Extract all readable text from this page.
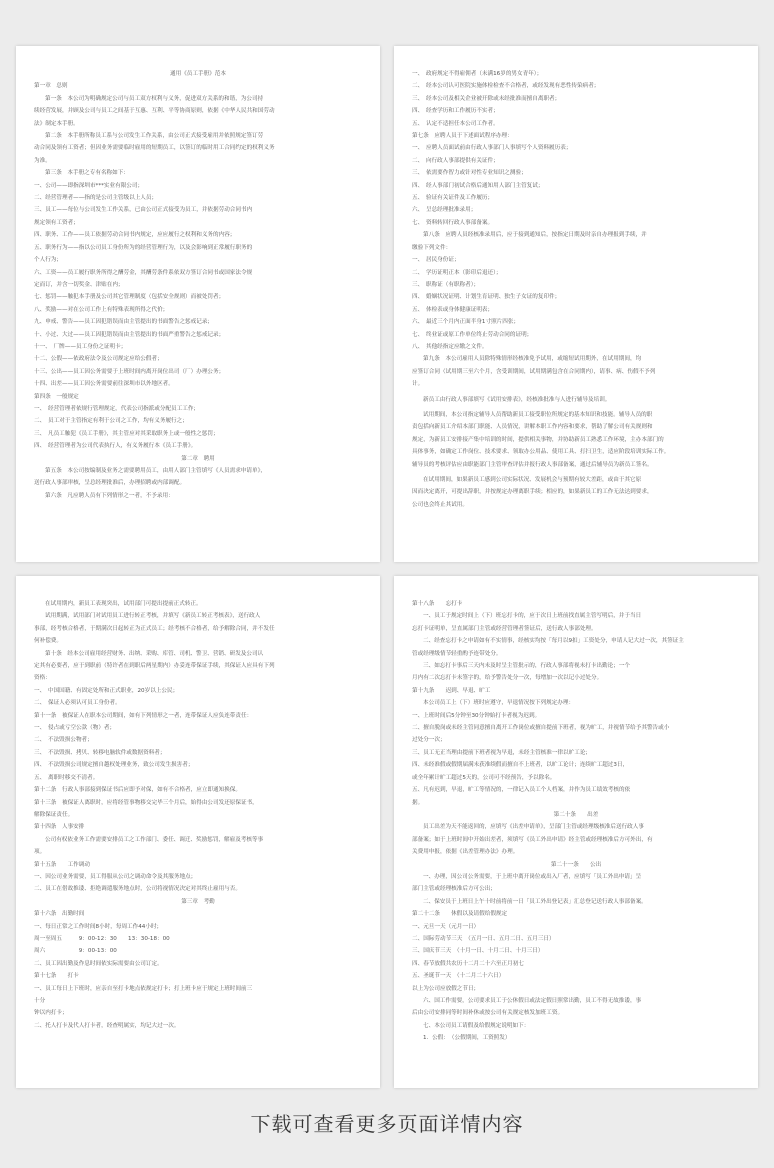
通用《员工手册》范本
第一章　总则
第一条　本公司为明确规定公司与员工双方权利与义务，促进双方关系的和谐，为公司持
续经营发展，并顾及公司与员工之间基于互惠、互利、平等协商原则，依据《中华人民共和国劳动
法》制定本手册。
第二条　本手册所称员工系与公司发生工作关系，由公司正式接受雇用并依照规定签订劳
动合同及领有工资者；但因业务需要临时雇用的短期员工，以签订的临时用工合同约定的权利义务
为准。
第三条　本手册之专有名称如下：
一、公司——即指深圳市***实业有限公司；
二、经营管理者——指的是公司主管级以上人员；
三、员工——每位与公司发生工作关系，已由公司正式接受为员工，并依据劳动合同书内
规定领有工资者；
四、职务、工作——员工依据劳动合同书内规定，应应履行之权利和义务的内容；
五、职务行为——指以公司员工身份所为的经营管理行为，以及会影响到正常履行职务的
个人行为；
六、工资——员工履行职务所得之酬劳金，其酬劳条件系依双方签订合同书或国家法令规
定而订，并含一切奖金、津贴在内；
七、惩罚——触犯本手册及公司其它管理制度（包括安全规则）而被处罚者；
八、奖励——对在公司工作上有特殊表现所得之代价；
九、申戒、警告——员工因犯错误而由主管提出的书面警告之惩戒记录；
十、小过、大过——员工因犯错误而由主管提出的书面严重警告之惩戒记录；
十一、　厂牌——员工身份之证明卡；
十二、公假——依政府法令及公司规定应给公假者；
十三、公出——员工因公务需要于上班时间内离开岗位出司（厂）办理公务；
十四、出差——员工因公务需要前往深圳市以外地区者。
第四条　一般规定
一、　经营管理者依规行管理规定，代表公司指派或分配员工工作；
二、　员工对于主管指定有利于公司之工作，均有义务履行之；
三、　凡员工触犯《员工手册》，其主管应对其采取职务上或一般性之惩罚；
四、　经营管理者为公司代表执行人，有义务履行本《员工手册》。
第二章　聘用
第五条　本公司按编制及业务之需要聘用员工，由用人部门主管填写《人员需求申请单》，
送行政人事部审核，呈总经理批准后，办理招聘或内部调配。
第六条　凡应聘人员有下列情形之一者，不予录用：
一、　政府规定不得雇佣者（未满16岁的男女青年）；
二、　经本公司认可医院实施体检检查不合格者，或经发现有恶性传染病者；
三、　经本公司及相关企业被开除或未经批准而擅自离职者；
四、　经查学历和工作履历不实者；
五、　认定不适担任本公司工作者。
第七条　应聘人员于下述面试程序办理：
一、　应聘人员面试前由行政人事部门人事填写个人资料履历表；
二、　向行政人事部提供有关证件；
三、　依需要作智力或针对性专业知识之测验；
四、　经人事部门初试合格后通知用人部门主管复试；
五、　验证有关证件及工作履历；
六、　呈总经理批准录用；
七、　资料转回行政人事部备案。
第八条　应聘人员经核准录用后，应于接到通知后，按指定日期及时亲自办理报到手续，并
缴验下列文件：
一、　居民身份证；
二、　学历证明正本（影印后退还）；
三、　职称证（有职称者）；
四、　婚姻状况证明、计划生育证明、独生子女证的复印件；
五、　体检表或身体健康证明表；
六、　最近三个月内正面半身1寸照片四张；
七、　终业证或原工作单位终止劳动合同的证明；
八、　其他经指定应缴之文件。
第九条　本公司雇用人员除特殊情形经核准免予试用，或缩短试用期外，在试用期间，均
应签订合同（试用期三至六个月，含受训期间，试用期满包含在合同期内），请事、病、伤假不予列
计。
新员工由行政人事部填写《试用安排表》，经核准批准与人进行辅导及培训。
试用期间，本公司指定辅导人员帮助新员工接受职位所规定的基本知识和技能。辅导人员的职
责包括向新员工介绍本部门职能、人员情况，讲解本职工作内容和要求，帮助了解公司有关规则和
规定，为新员工安排接产集中培训的时间，提供相关事物，并协助新员工熟悉工作环境，主办本部门的
具体事务，如确定工作岗位、技术要求、领取办公用品、使用工具、打扫卫生，适应阶段培训实际工作。
辅导员的考核评估应由职能部门主管审查评估并报行政人事部备案，通过后辅导员为新员工签名。
在试用期间，如果新员工感到公司实际状况、发展机会与预期有较大差距，或由于其它原
因而决定离开，可提出辞职，并按规定办理离职手续；相应的，如果新员工的工作无法达到要求，
公司也会终止其试用。
在试用期内，新员工表现突出，试用部门可提出提前正式转正。
试用期满，试用部门对试用员工进行转正考核，并填写《新员工转正考核表》，送行政人
事部，经考核合格者，于期满次日起转正为正式员工；经考核不合格者，给予解除合同，并不发任
何补偿费。
第十条　经本公司雇用经营财务、出纳、采购、库管、司机、警卫、营销、研发及公司认
定其有必要者，应于到职前（特许者在到职后两星期内）办妥连带保证手续，其保证人应具有下列
资格：
一、　中国国籍、有固定处所和正式职业，20岁以上公民；
二、　保证人必须认可员工身份者。
第十一条　被保证人在职本公司期间，如有下列情形之一者，连带保证人应负连带责任：
一、　侵占或亏空公款（物）者；
二、　不法毁损公物者；
三、　不法毁损、拷贝、转移电脑软件或数据资料者；
四、　不法毁损公司规定擅自越权处理业务，致公司发生损害者；
五、　离职时移交不清者。
第十二条　行政人事部接到保证书后应即予对保，如有不合格者，应立即通知换保。
第十三条　被保证人离职时，应将经管事物移交完毕三个月后，始得由公司发还原保证书，
解除保证责任。
第十四条　人事安排
公司有权依业务工作需要安排员工之工作部门、委任、调迁、奖励惩罚，解雇及考核等事
项。
第十五条　　工作调动
一、因公司业务需要，员工得服从公司之调动命令及其服务地点；
二、员工在借故推诿、拒绝调遣服务地点时，公司将视情况决定对其终止雇用与否。
第三章　考勤
第十六条　出勤时间
一、每日正常之工作时间8小时，每周工作44小时；
周一至周五　　　9：00-12：30　　13：30-18：00
周六　　　　　　9：00-13：00
二、员工因出勤及作息时间依实际需要由公司订定。
第十七条　　打卡
一、员工每日上下班时，应亲自至打卡地点依规定打卡；打上班卡应于规定上班时间前三
十分
钟以内打卡；
二、托人打卡及代人打卡者，经查明属实，均记大过一次。
第十八条　　忘打卡
一、员工于规定时间上（下）班忘打卡的，应于次日上班前找直属主管写明后，并于当日
忘打卡证明单，呈直属部门主管或经营管理者签证后，送行政人事部处理。
二、经查忘打卡之申请如有不实情事，经核实均按「每月以9扣」工资处分，申请人记大过一次，其签证主
管或经理级情节轻重酌予连带处分。
三、如忘打卡事后三天内未及时呈主管批示的，行政人事部将视未打卡出勤论；一个
月内有二次忘打卡未签字的，给予警告处分一次，每增加一次以记小过处分。
第十九条　　迟到、早退、旷工
本公司员工上（下）班时应遵守，早退情况按下列规定办理：
一、上班时间后5分钟至30分钟始打卡者视为迟到。
二、擅自脱岗或未经主管同意擅自离开工作岗位或擅自提前下班者，视为旷工，并视情节给予其警告或小
过处分一次；
三、员工无正当理由提前下班者视为早退，未经主管核准一律以旷工论；
四、未经准假或假期届满未获准续假而擅自不上班者，以旷工论计；连续旷工超过3日，
或全年累计旷工超过5天的，公司可不经预告，予以除名。
五、凡有迟到，早退，旷工等情况的，一律记入员工个人档案，并作为员工绩效考核的依
据。
第二十条　　出差
员工出差为天不能返回的，应填写《出差申请单》，呈部门主管或经理级核准后送行政人事
部备案；如于上班时间中开始出差者，须填写《员工外出申请》经主管或经理核准后方可外出，有
关费用申报，依据《出差管理办法》办理。
第二十一条　　公出
一、办理，因公司公务需要，于上班中离开岗位或出入厂者，应填写「员工外出申请」呈
部门主管或经理核准后方可公出；
二、保安员于上班日上午十时前将前一日「员工外出登记表」汇总登记送行政人事部备案。
第二十二条　　休假以及请假给假规定
一、元旦一天（元月一日）
二、国际劳动节三天　（五月一日、五月二日、五月三日）
三、国庆节三天　（十月一日、十月二日、十月三日）
四、春节放假共农历十二月二十六至正月初七
五、圣诞节一天　（十二月二十六日）
以上为公司应放假之节日；
六、国工作需要，公司要求员工于公休假日或法定假日照常出勤，员工不得无故推诿，事
后由公司安排同等时间补休或按公司有关规定核发加班工资。
七、本公司员工请假及给假规定说明如下：
1．公假：　（公假期间，工资照发）
下载可查看更多页面详情内容
